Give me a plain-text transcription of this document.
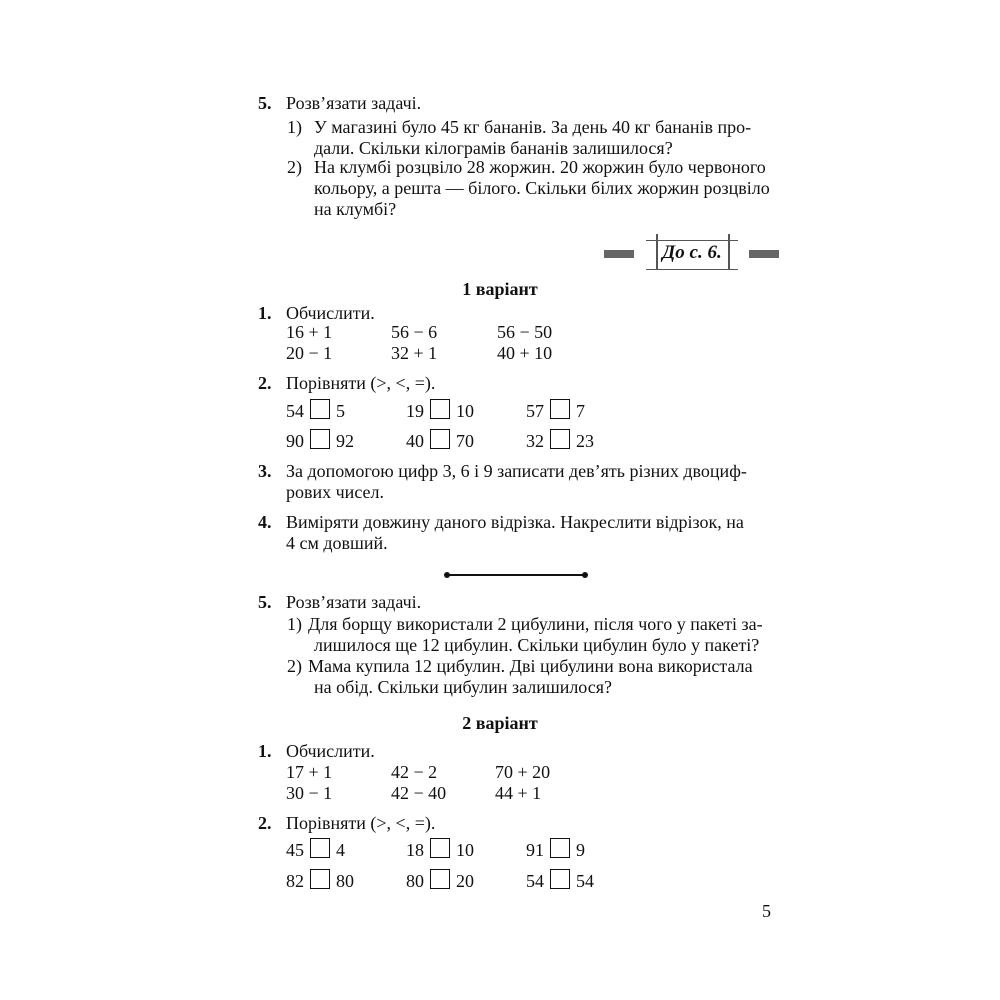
5. Розв’язати задачі.
1) У магазині було 45 кг бананів. За день 40 кг бананів про-
дали. Скільки кілограмів бананів залишилося?
2) На клумбі розцвіло 28 жоржин. 20 жоржин було червоного
кольору, а решта — білого. Скільки білих жоржин розцвіло
на клумбі?
До с. 6.
1 варіант
1. Обчислити.
16 + 1	56 − 6	56 − 50
20 − 1	32 + 1	40 + 10
2. Порівняти (>, <, =).
54 5	19 10	57 7
90 92	40 70	32 23
3. За допомогою цифр 3, 6 і 9 записати дев’ять різних двоциф-
рових чисел.
4. Виміряти довжину даного відрізка. Накреслити відрізок, на
4 см довший.
5. Розв’язати задачі.
1) Для борщу використали 2 цибулини, після чого у пакеті за-
лишилося ще 12 цибулин. Скільки цибулин було у пакеті?
2) Мама купила 12 цибулин. Дві цибулини вона використала
на обід. Скільки цибулин залишилося?
2 варіант
1. Обчислити.
17 + 1	42 − 2	70 + 20
30 − 1	42 − 40	44 + 1
2. Порівняти (>, <, =).
45 4	18 10	91 9
82 80	80 20	54 54
5
